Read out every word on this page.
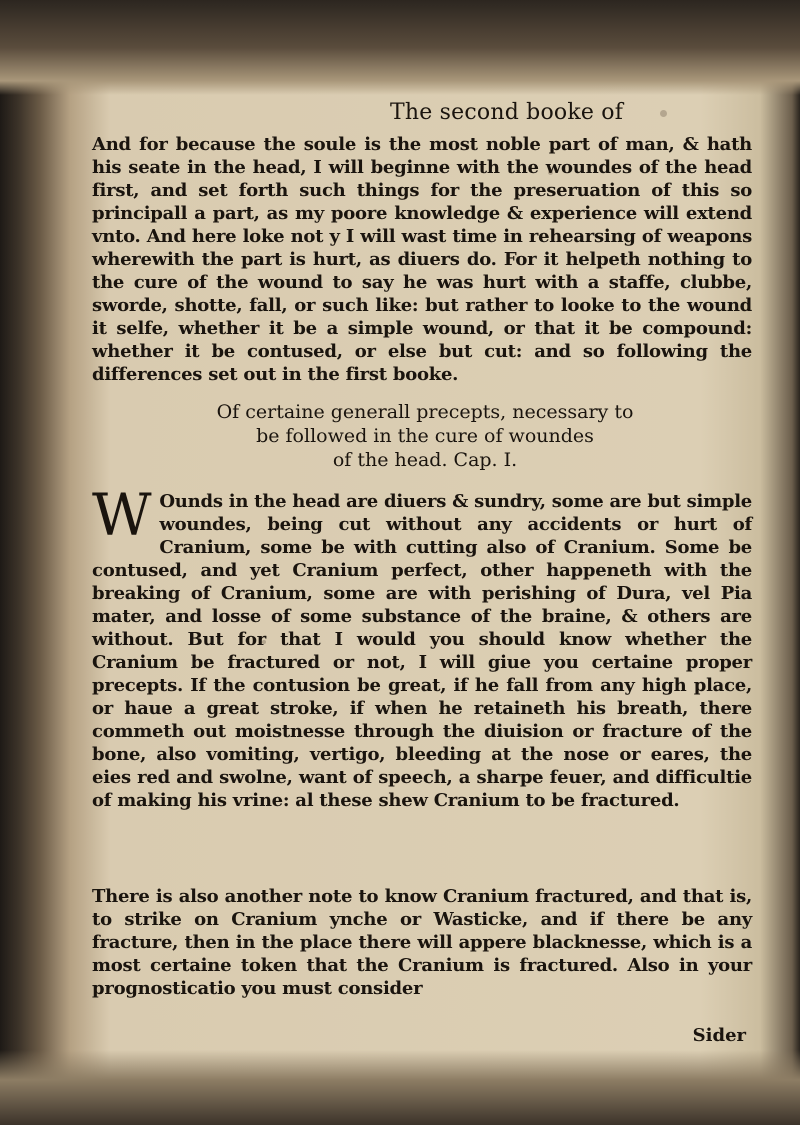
The second booke of

And for because the soule is the most noble part of man, & hath his seate in the head, I will beginne with the woundes of the head first, and set forth such things for the preseruation of this so principall a part, as my poore knowledge & experience will extend vnto. And here loke not y I will wast time in rehearsing of weapons wherewith the part is hurt, as diuers do. For it helpeth nothing to the cure of the wound to say he was hurt with a staffe, clubbe, sworde, shotte, fall, or such like: but rather to looke to the wound it selfe, whether it be a simple wound, or that it be compound: whether it be contused, or else but cut: and so following the differences set out in the first booke.

Of certaine generall precepts, necessary to
be followed in the cure of woundes
of the head. Cap. I.

W Ounds in the head are diuers & sundry, some are but simple woundes, being cut without any accidents or hurt of Cranium, some be with cutting also of Cranium. Some be contused, and yet Cranium perfect, other happeneth with the breaking of Cranium, some are with perishing of Dura, vel Pia mater, and losse of some substance of the braine, & others are without. But for that I would you should know whether the Cranium be fractured or not, I will giue you certaine proper precepts. If the contusion be great, if he fall from any high place, or haue a great stroke, if when he retaineth his breath, there commeth out moistnesse through the diuision or fracture of the bone, also vomiting, vertigo, bleeding at the nose or eares, the eies red and swolne, want of speech, a sharpe feuer, and difficultie of making his vrine: al these shew Cranium to be fractured.

There is also another note to know Cranium fractured, and that is, to strike on Cranium ynche or Wasticke, and if there be any fracture, then in the place there will appere blacknesse, which is a most certaine token that the Cranium is fractured. Also in your prognosticatio you must consider

Sider
